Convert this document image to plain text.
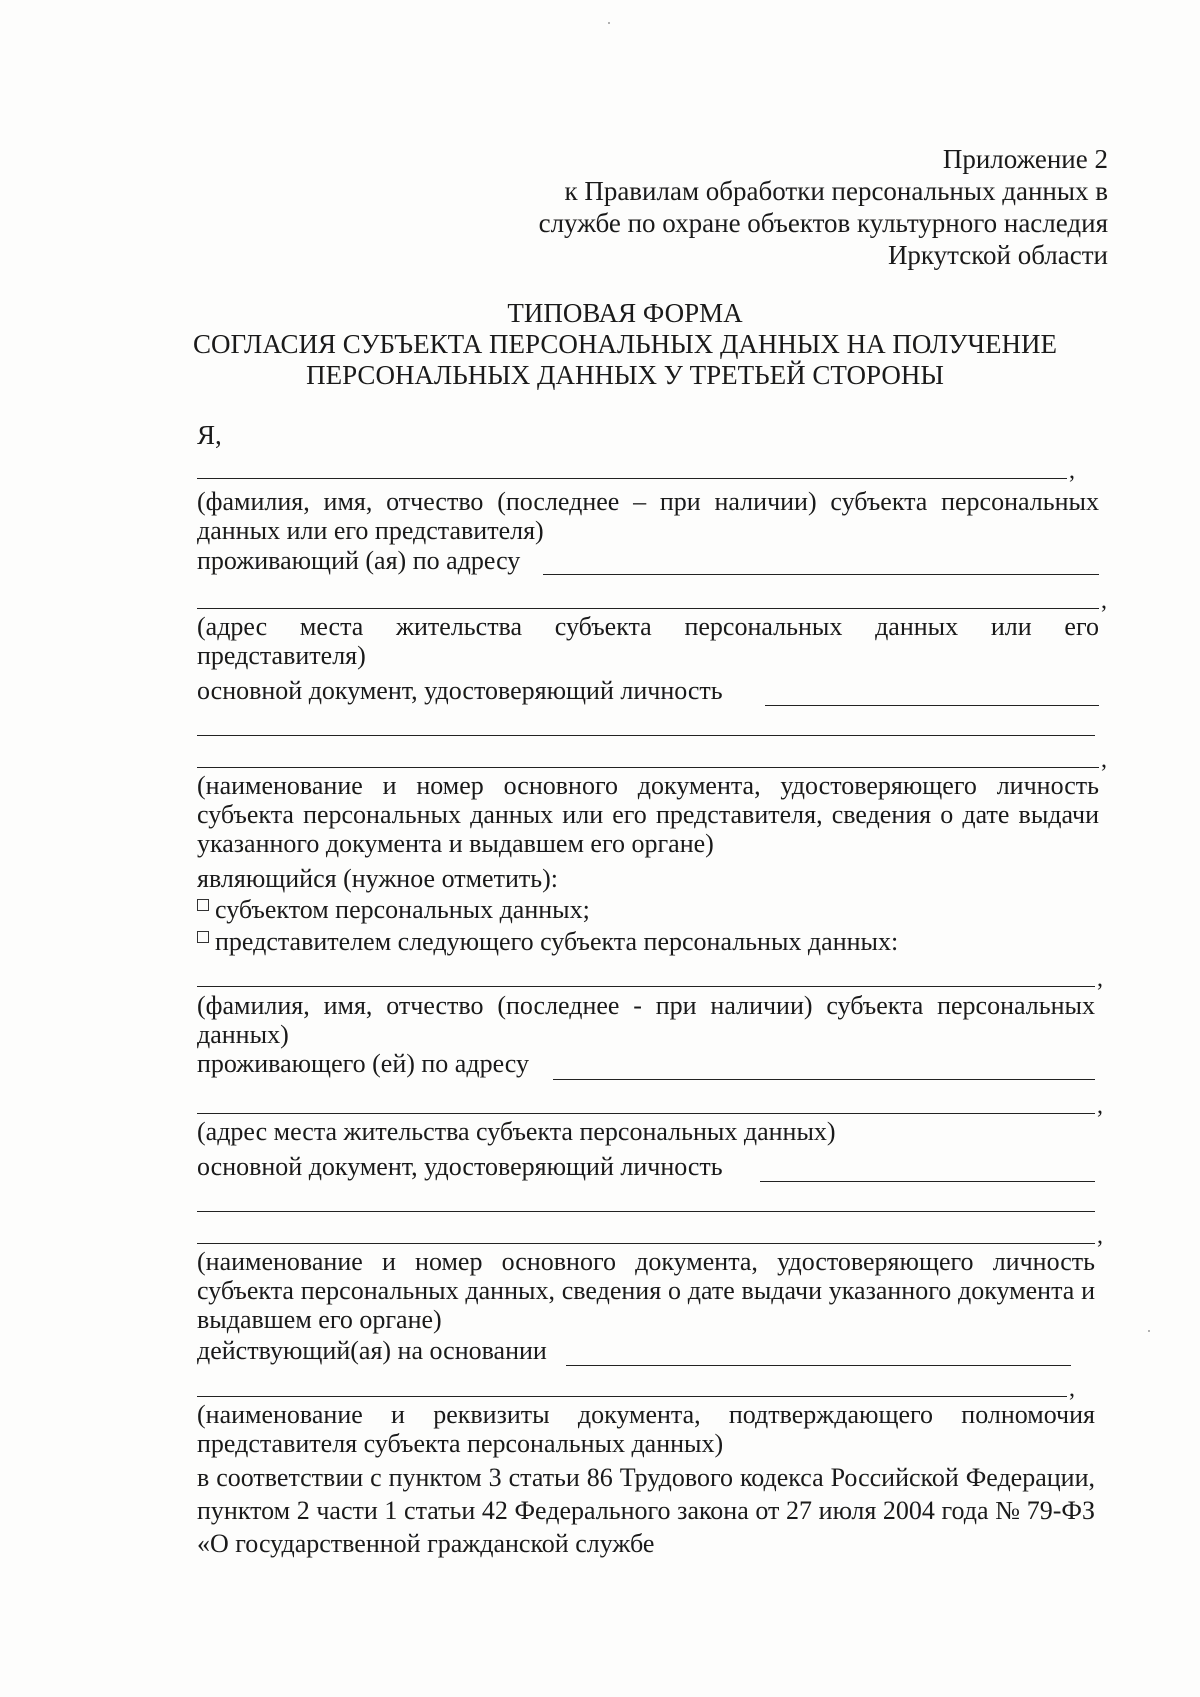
Приложение 2
к Правилам обработки персональных данных в
службе по охране объектов культурного наследия
Иркутской области
ТИПОВАЯ ФОРМА
СОГЛАСИЯ СУБЪЕКТА ПЕРСОНАЛЬНЫХ ДАННЫХ НА ПОЛУЧЕНИЕ
ПЕРСОНАЛЬНЫХ ДАННЫХ У ТРЕТЬЕЙ СТОРОНЫ
Я,
,
(фамилия, имя, отчество (последнее – при наличии) субъекта персональных данных или его представителя)
проживающий (ая) по адресу
,
(адрес места жительства субъекта персональных данных или его
представителя)
основной документ, удостоверяющий личность
,
(наименование и номер основного документа, удостоверяющего личность субъекта персональных данных или его представителя, сведения о дате выдачи указанного документа и выдавшем его органе)
являющийся (нужное отметить):
субъектом персональных данных;
представителем следующего субъекта персональных данных:
,
(фамилия, имя, отчество (последнее - при наличии) субъекта персональных данных)
проживающего (ей) по адресу
,
(адрес места жительства субъекта персональных данных)
основной документ, удостоверяющий личность
,
(наименование и номер основного документа, удостоверяющего личность субъекта персональных данных, сведения о дате выдачи указанного документа и выдавшем его органе)
действующий(ая) на основании
,
(наименование и реквизиты документа, подтверждающего полномочия представителя субъекта персональных данных)
в соответствии с пунктом 3 статьи 86 Трудового кодекса Российской Федерации, пунктом 2 части 1 статьи 42 Федерального закона от 27 июля 2004 года № 79-ФЗ «О государственной гражданской службе
